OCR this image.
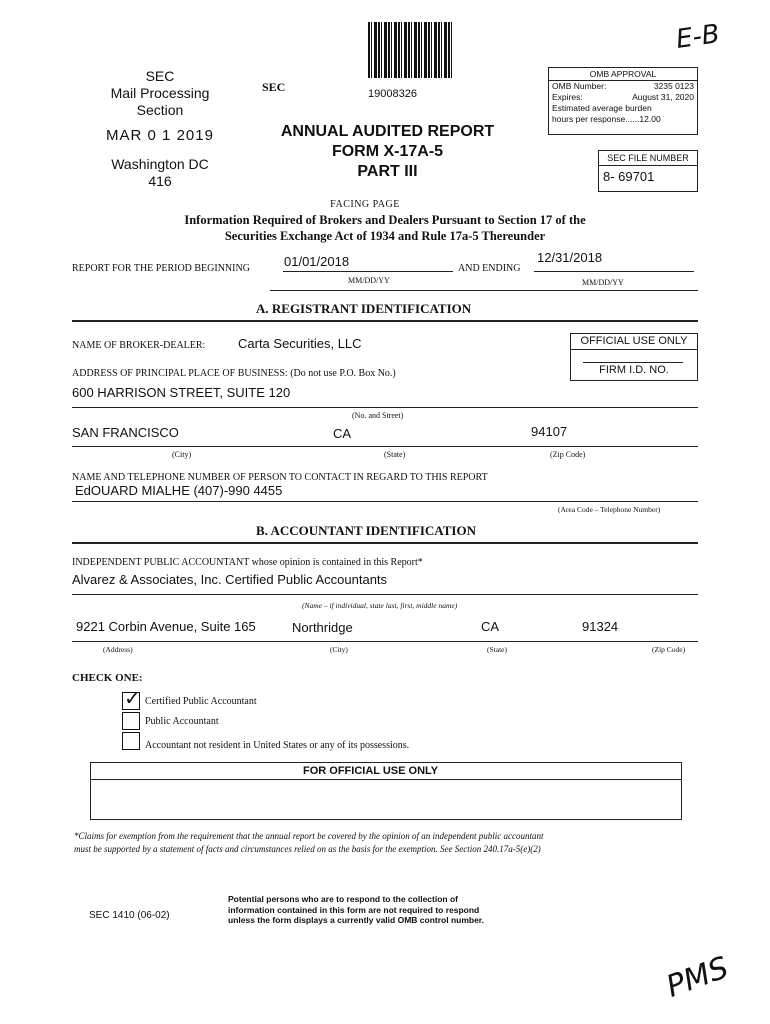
E-B
SEC
Mail Processing
Section
MAR 0 1 2019
Washington DC
416
SEC	19008326
ANNUAL AUDITED REPORT
FORM X-17A-5
PART III
OMB APPROVAL
OMB Number:	3235 0123
Expires:	August 31, 2020
Estimated average burden
hours per response......12.00
SEC FILE NUMBER
8- 69701
FACING PAGE
Information Required of Brokers and Dealers Pursuant to Section 17 of the
Securities Exchange Act of 1934 and Rule 17a-5 Thereunder
REPORT FOR THE PERIOD BEGINNING	01/01/2018	AND ENDING
12/31/2018
MM/DD/YY	MM/DD/YY
A. REGISTRANT IDENTIFICATION
NAME OF BROKER-DEALER:	Carta Securities, LLC	OFFICIAL USE ONLY
FIRM I.D. NO.
ADDRESS OF PRINCIPAL PLACE OF BUSINESS: (Do not use P.O. Box No.)
600 HARRISON STREET, SUITE 120
(No. and Street)
SAN FRANCISCO	CA	94107
(City)	(State)	(Zip Code)
NAME AND TELEPHONE NUMBER OF PERSON TO CONTACT IN REGARD TO THIS REPORT
EdOUARD MIALHE (407)-990 4455
(Area Code – Telephone Number)
B. ACCOUNTANT IDENTIFICATION
INDEPENDENT PUBLIC ACCOUNTANT whose opinion is contained in this Report*
Alvarez & Associates, Inc. Certified Public Accountants
(Name – if individual, state last, first, middle name)
9221 Corbin Avenue, Suite 165	Northridge	CA	91324
(Address)	(City)	(State)	(Zip Code)
CHECK ONE:
✓ Certified Public Accountant
Public Accountant
Accountant not resident in United States or any of its possessions.
FOR OFFICIAL USE ONLY
*Claims for exemption from the requirement that the annual report be covered by the opinion of an independent public accountant
must be supported by a statement of facts and circumstances relied on as the basis for the exemption. See Section 240.17a-5(e)(2)
SEC 1410 (06-02)
Potential persons who are to respond to the collection of
information contained in this form are not required to respond
unless the form displays a currently valid OMB control number.
PMS
